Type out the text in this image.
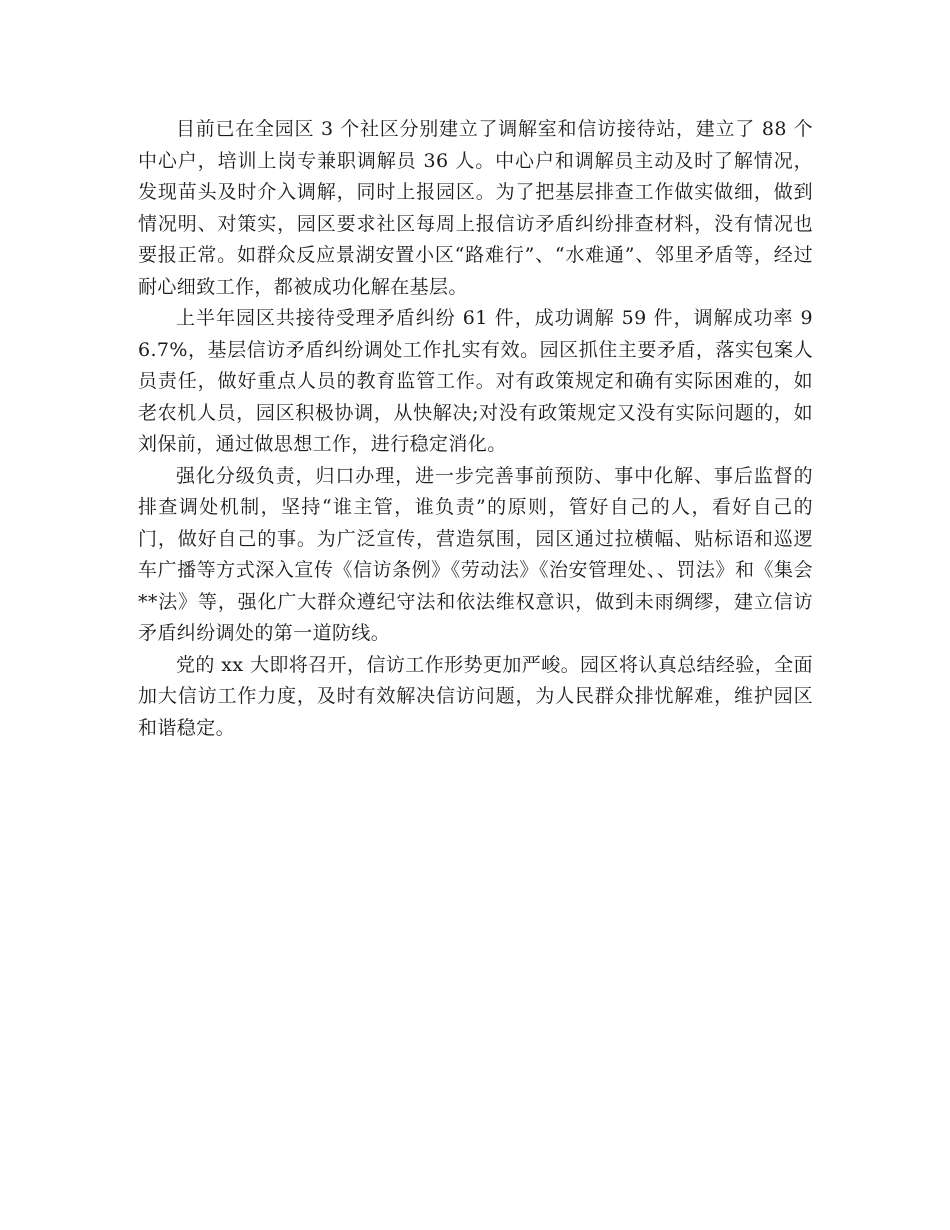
目前已在全园区 3 个社区分别建立了调解室和信访接待站，建立了 88 个中心户，培训上岗专兼职调解员 36 人。中心户和调解员主动及时了解情况，发现苗头及时介入调解，同时上报园区。为了把基层排查工作做实做细，做到情况明、对策实，园区要求社区每周上报信访矛盾纠纷排查材料，没有情况也要报正常。如群众反应景湖安置小区“路难行”、“水难通”、邻里矛盾等，经过耐心细致工作，都被成功化解在基层。

上半年园区共接待受理矛盾纠纷 61 件，成功调解 59 件，调解成功率 96.7%，基层信访矛盾纠纷调处工作扎实有效。园区抓住主要矛盾，落实包案人员责任，做好重点人员的教育监管工作。对有政策规定和确有实际困难的，如老农机人员，园区积极协调，从快解决;对没有政策规定又没有实际问题的，如刘保前，通过做思想工作，进行稳定消化。

强化分级负责，归口办理，进一步完善事前预防、事中化解、事后监督的排查调处机制，坚持“谁主管，谁负责”的原则，管好自己的人，看好自己的门，做好自己的事。为广泛宣传，营造氛围，园区通过拉横幅、贴标语和巡逻车广播等方式深入宣传《信访条例》《劳动法》《治安管理处、、罚法》和《集会**法》等，强化广大群众遵纪守法和依法维权意识，做到未雨绸缪，建立信访矛盾纠纷调处的第一道防线。

党的 xx 大即将召开，信访工作形势更加严峻。园区将认真总结经验，全面加大信访工作力度，及时有效解决信访问题，为人民群众排忧解难，维护园区和谐稳定。
